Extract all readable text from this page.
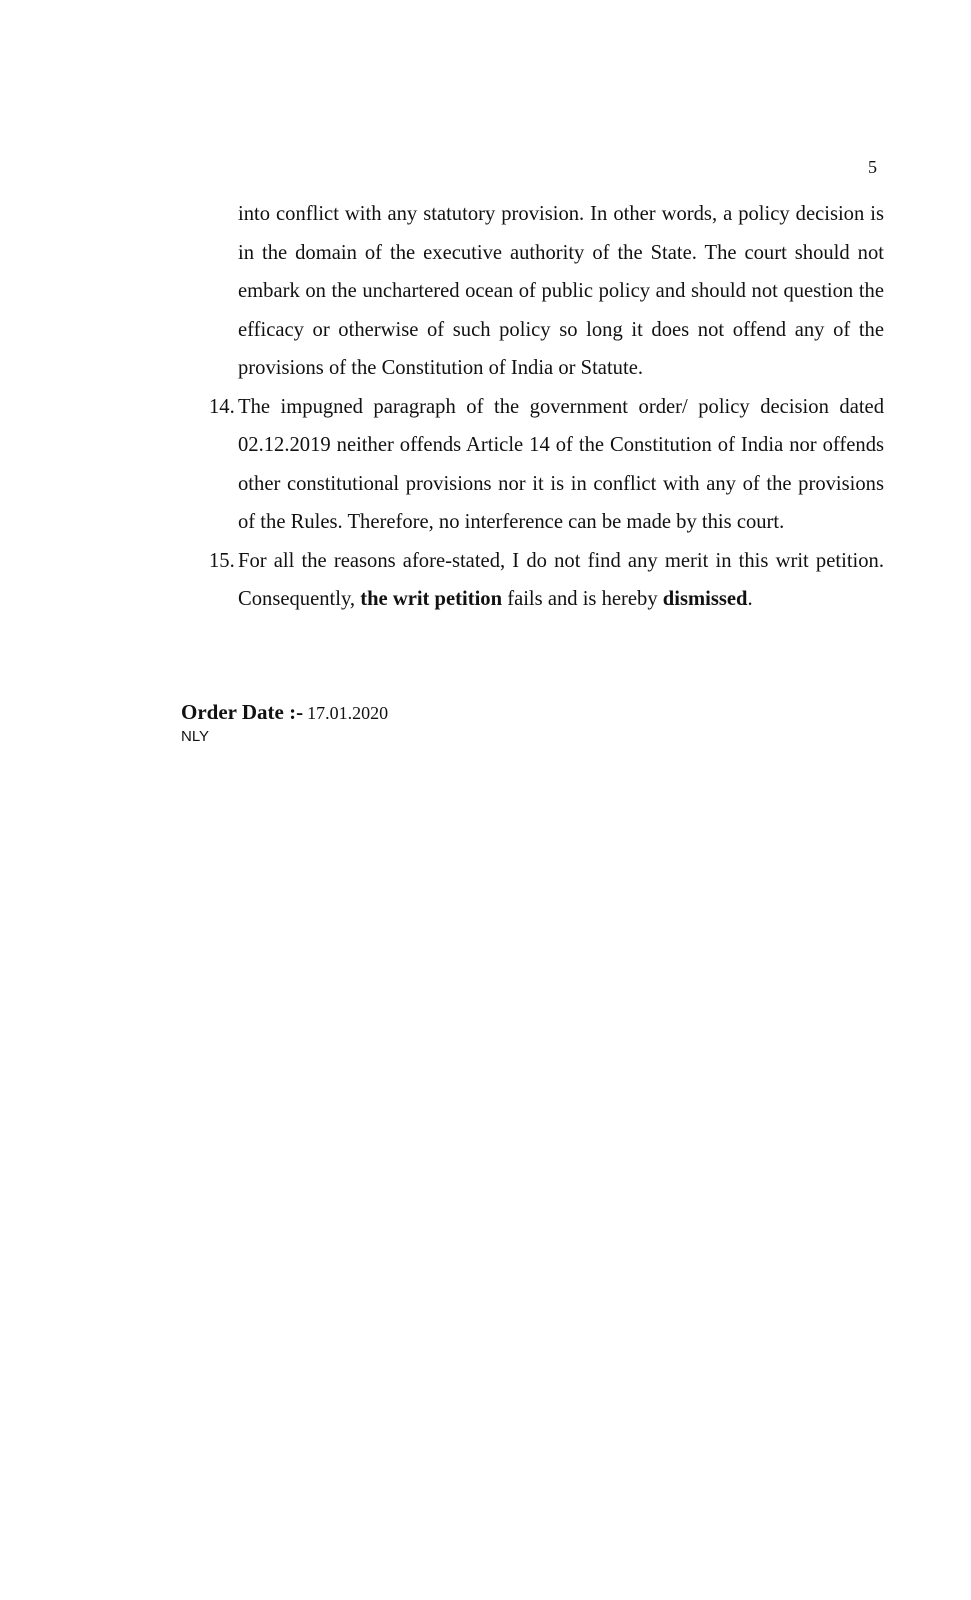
5

into conflict with any statutory provision. In other words, a policy decision is in the domain of the executive authority of the State. The court should not embark on the unchartered ocean of public policy and should not question the efficacy or otherwise of such policy so long it does not offend any of the provisions of the Constitution of India or Statute.

14. The impugned paragraph of the government order/ policy decision dated 02.12.2019 neither offends Article 14 of the Constitution of India nor offends other constitutional provisions nor it is in conflict with any of the provisions of the Rules. Therefore, no interference can be made by this court.

15. For all the reasons afore-stated, I do not find any merit in this writ petition. Consequently, the writ petition fails and is hereby dismissed.

Order Date :- 17.01.2020
NLY
